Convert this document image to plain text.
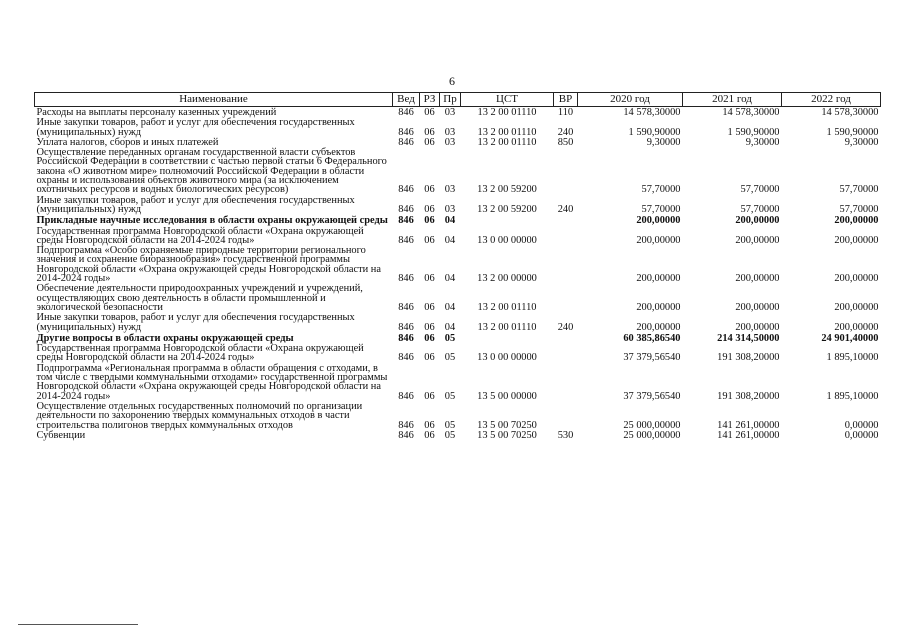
6
Наименование	Вед	РЗ	Пр	ЦСТ	ВР	2020 год	2021 год	2022 год
Расходы на выплаты персоналу казенных учреждений	846	06	03	13 2 00 01110	110	14 578,30000	14 578,30000	14 578,30000
Иные закупки товаров, работ и услуг для обеспечения государственных (муниципальных) нужд	846	06	03	13 2 00 01110	240	1 590,90000	1 590,90000	1 590,90000
Уплата налогов, сборов и иных платежей	846	06	03	13 2 00 01110	850	9,30000	9,30000	9,30000
Осуществление переданных органам государственной власти субъектов Российской Федерации в соответствии с частью первой статьи 6 Федерального закона «О животном мире» полномочий Российской Федерации в области охраны и использования объектов животного мира (за исключением охотничьих ресурсов и водных биологических ресурсов)	846	06	03	13 2 00 59200		57,70000	57,70000	57,70000
Иные закупки товаров, работ и услуг для обеспечения государственных (муниципальных) нужд	846	06	03	13 2 00 59200	240	57,70000	57,70000	57,70000
Прикладные научные исследования в области охраны окружающей среды	846	06	04			200,00000	200,00000	200,00000
Государственная программа Новгородской области «Охрана окружающей среды Новгородской области на 2014-2024 годы»	846	06	04	13 0 00 00000		200,00000	200,00000	200,00000
Подпрограмма «Особо охраняемые природные территории регионального значения и сохранение биоразнообразия» государственной программы Новгородской области «Охрана окружающей среды Новгородской области на 2014-2024 годы»	846	06	04	13 2 00 00000		200,00000	200,00000	200,00000
Обеспечение деятельности природоохранных учреждений и учреждений, осуществляющих свою деятельность в области промышленной и экологической безопасности	846	06	04	13 2 00 01110		200,00000	200,00000	200,00000
Иные закупки товаров, работ и услуг для обеспечения государственных (муниципальных) нужд	846	06	04	13 2 00 01110	240	200,00000	200,00000	200,00000
Другие вопросы в области охраны окружающей среды	846	06	05			60 385,86540	214 314,50000	24 901,40000
Государственная программа Новгородской области «Охрана окружающей среды Новгородской области на 2014-2024 годы»	846	06	05	13 0 00 00000		37 379,56540	191 308,20000	1 895,10000
Подпрограмма «Региональная программа в области обращения с отходами, в том числе с твердыми коммунальными отходами» государственной программы Новгородской области «Охрана окружающей среды Новгородской области на 2014-2024 годы»	846	06	05	13 5 00 00000		37 379,56540	191 308,20000	1 895,10000
Осуществление отдельных государственных полномочий по организации деятельности по захоронению твердых коммунальных отходов в части строительства полигонов твердых коммунальных отходов	846	06	05	13 5 00 70250		25 000,00000	141 261,00000	0,00000
Субвенции	846	06	05	13 5 00 70250	530	25 000,00000	141 261,00000	0,00000
